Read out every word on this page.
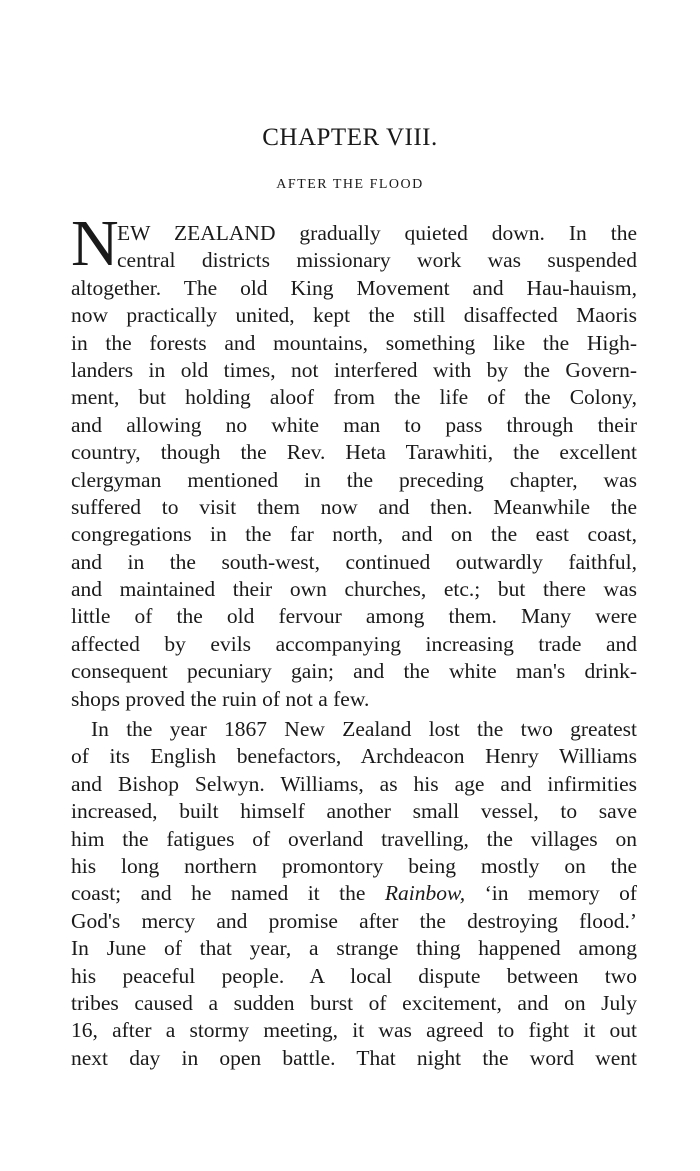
CHAPTER VIII.
AFTER THE FLOOD
N
EW ZEALAND gradually quieted down. In the
central districts missionary work was suspended
altogether. The old King Movement and Hau-hauism,
now practically united, kept the still disaffected Maoris
in the forests and mountains, something like the High-
landers in old times, not interfered with by the Govern-
ment, but holding aloof from the life of the Colony,
and allowing no white man to pass through their
country, though the Rev. Heta Tarawhiti, the excellent
clergyman mentioned in the preceding chapter, was
suffered to visit them now and then. Meanwhile the
congregations in the far north, and on the east coast,
and in the south-west, continued outwardly faithful,
and maintained their own churches, etc.; but there was
little of the old fervour among them. Many were
affected by evils accompanying increasing trade and
consequent pecuniary gain; and the white man's drink-
shops proved the ruin of not a few.
In the year 1867 New Zealand lost the two greatest
of its English benefactors, Archdeacon Henry Williams
and Bishop Selwyn. Williams, as his age and infirmities
increased, built himself another small vessel, to save
him the fatigues of overland travelling, the villages on
his long northern promontory being mostly on the
coast; and he named it the Rainbow, ‘in memory of
God's mercy and promise after the destroying flood.’
In June of that year, a strange thing happened among
his peaceful people. A local dispute between two
tribes caused a sudden burst of excitement, and on July
16, after a stormy meeting, it was agreed to fight it out
next day in open battle. That night the word went
